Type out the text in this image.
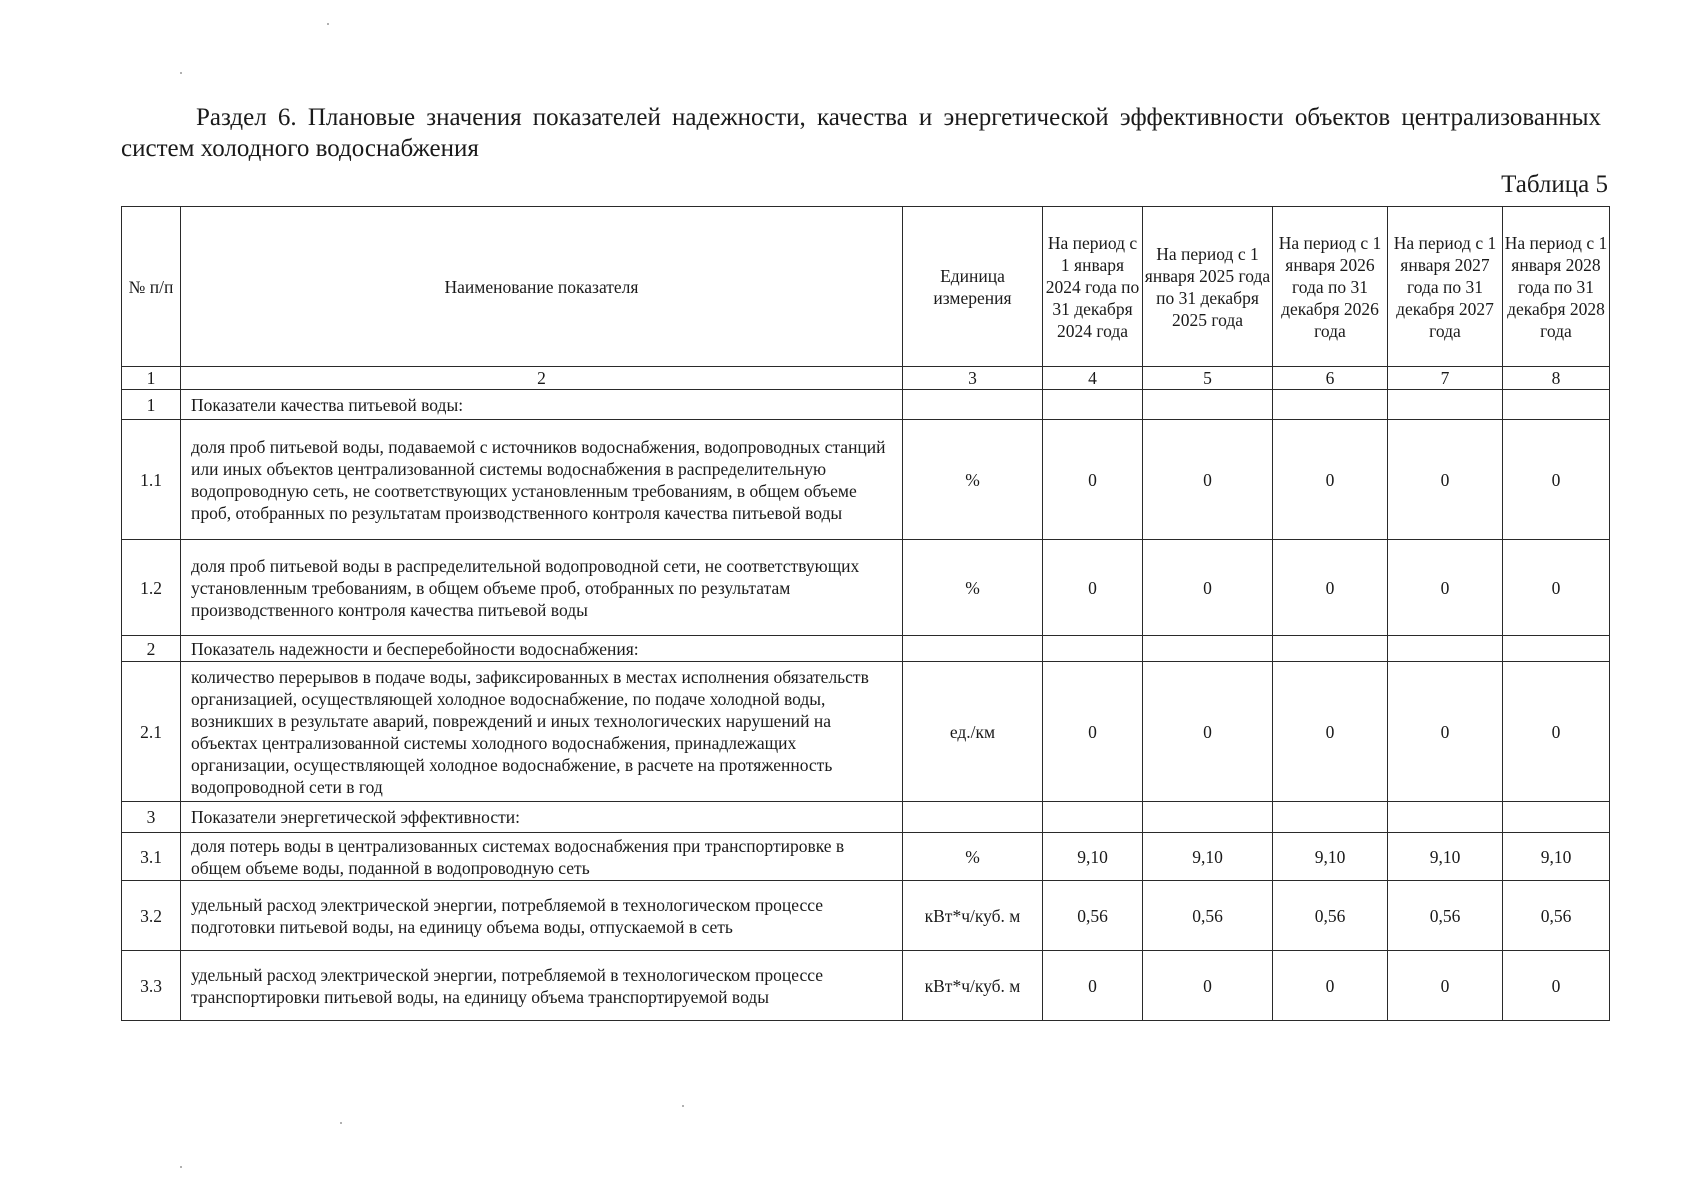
Раздел 6. Плановые значения показателей надежности, качества и энергетической эффективности объектов централизованных систем холодного водоснабжения
Таблица 5
№ п/п	Наименование показателя	Единица измерения	На период с 1 января 2024 года по 31 декабря 2024 года	На период с 1 января 2025 года по 31 декабря 2025 года	На период с 1 января 2026 года по 31 декабря 2026 года	На период с 1 января 2027 года по 31 декабря 2027 года	На период с 1 января 2028 года по 31 декабря 2028 года
1	2	3	4	5	6	7	8
1	Показатели качества питьевой воды:						
1.1	доля проб питьевой воды, подаваемой с источников водоснабжения, водопроводных станций или иных объектов централизованной системы водоснабжения в распределительную водопроводную сеть, не соответствующих установленным требованиям, в общем объеме проб, отобранных по результатам производственного контроля качества питьевой воды	%	0	0	0	0	0
1.2	доля проб питьевой воды в распределительной водопроводной сети, не соответствующих установленным требованиям, в общем объеме проб, отобранных по результатам производственного контроля качества питьевой воды	%	0	0	0	0	0
2	Показатель надежности и бесперебойности водоснабжения:						
2.1	количество перерывов в подаче воды, зафиксированных в местах исполнения обязательств организацией, осуществляющей холодное водоснабжение, по подаче холодной воды, возникших в результате аварий, повреждений и иных технологических нарушений на объектах централизованной системы холодного водоснабжения, принадлежащих организации, осуществляющей холодное водоснабжение, в расчете на протяженность водопроводной сети в год	ед./км	0	0	0	0	0
3	Показатели энергетической эффективности:						
3.1	доля потерь воды в централизованных системах водоснабжения при транспортировке в общем объеме воды, поданной в водопроводную сеть	%	9,10	9,10	9,10	9,10	9,10
3.2	удельный расход электрической энергии, потребляемой в технологическом процессе подготовки питьевой воды, на единицу объема воды, отпускаемой в сеть	кВт*ч/куб. м	0,56	0,56	0,56	0,56	0,56
3.3	удельный расход электрической энергии, потребляемой в технологическом процессе транспортировки питьевой воды, на единицу объема транспортируемой воды	кВт*ч/куб. м	0	0	0	0	0
